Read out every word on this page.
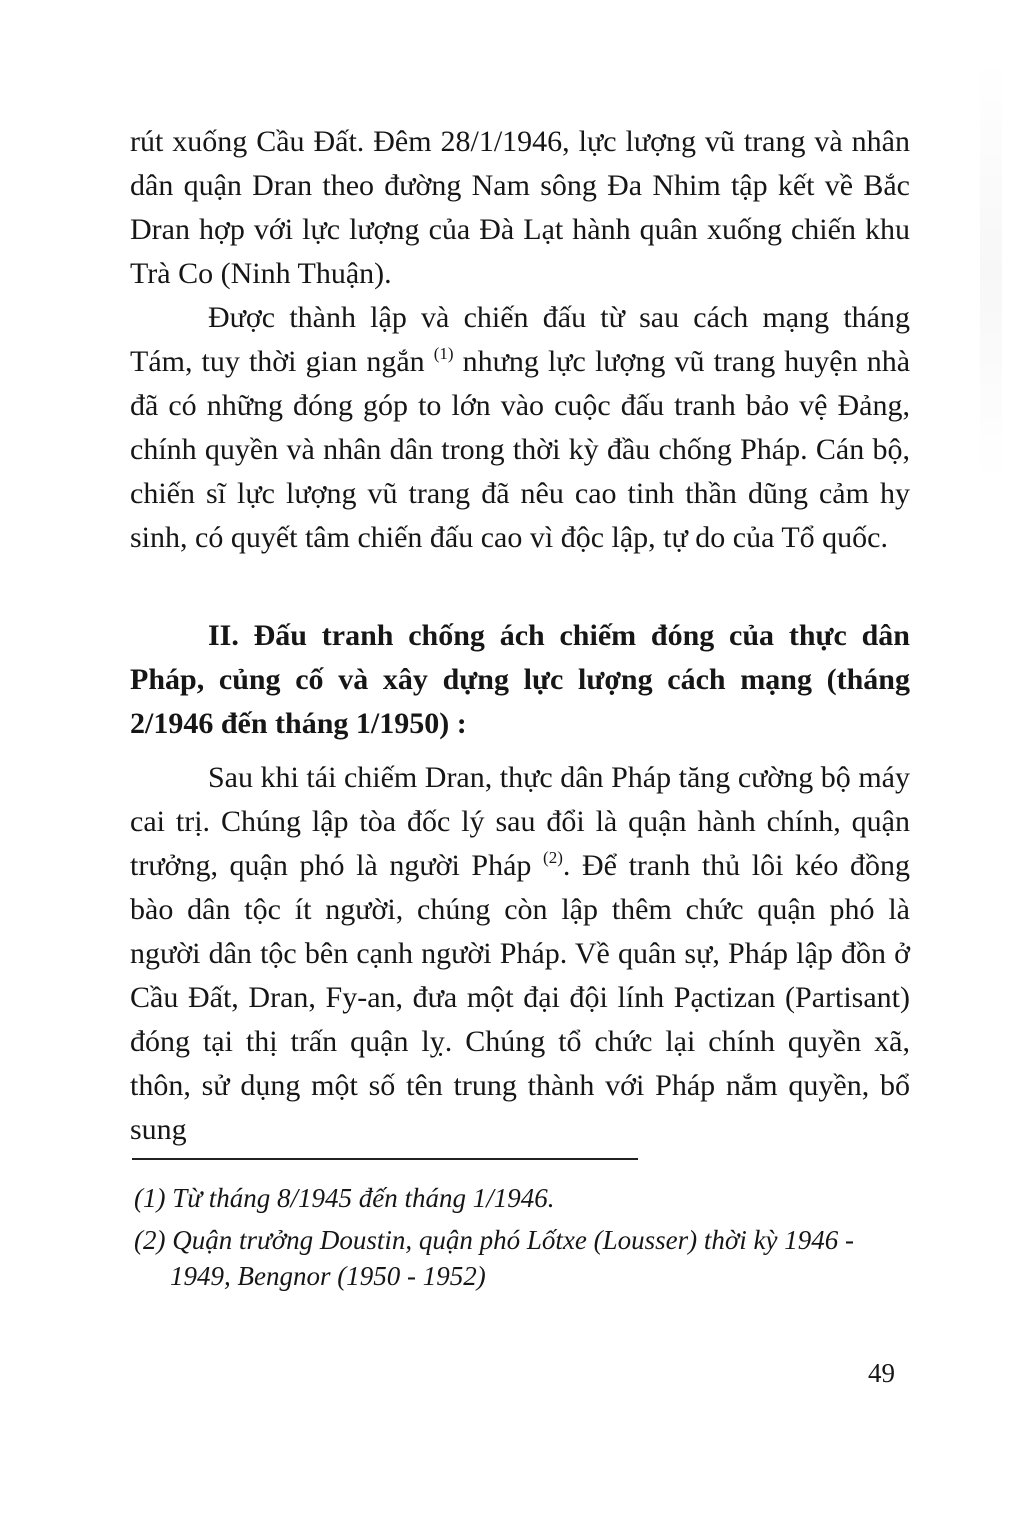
rút xuống Cầu Đất. Đêm 28/1/1946, lực lượng vũ trang và nhân dân quận Dran theo đường Nam sông Đa Nhim tập kết về Bắc Dran hợp với lực lượng của Đà Lạt hành quân xuống chiến khu Trà Co (Ninh Thuận).

Được thành lập và chiến đấu từ sau cách mạng tháng Tám, tuy thời gian ngắn $^{(1)}$ nhưng lực lượng vũ trang huyện nhà đã có những đóng góp to lớn vào cuộc đấu tranh bảo vệ Đảng, chính quyền và nhân dân trong thời kỳ đầu chống Pháp. Cán bộ, chiến sĩ lực lượng vũ trang đã nêu cao tinh thần dũng cảm hy sinh, có quyết tâm chiến đấu cao vì độc lập, tự do của Tổ quốc.

II. Đấu tranh chống ách chiếm đóng của thực dân Pháp, củng cố và xây dựng lực lượng cách mạng (tháng 2/1946 đến tháng 1/1950) :

Sau khi tái chiếm Dran, thực dân Pháp tăng cường bộ máy cai trị. Chúng lập tòa đốc lý sau đổi là quận hành chính, quận trưởng, quận phó là người Pháp $^{(2)}$. Để tranh thủ lôi kéo đồng bào dân tộc ít người, chúng còn lập thêm chức quận phó là người dân tộc bên cạnh người Pháp. Về quân sự, Pháp lập đồn ở Cầu Đất, Dran, Fy-an, đưa một đại đội lính Pạctizan (Partisant) đóng tại thị trấn quận lỵ. Chúng tổ chức lại chính quyền xã, thôn, sử dụng một số tên trung thành với Pháp nắm quyền, bổ sung

(1) Từ tháng 8/1945 đến tháng 1/1946.

(2) Quận trưởng Doustin, quận phó Lốtxe (Lousser) thời kỳ 1946 - 1949, Bengnor (1950 - 1952)

49
